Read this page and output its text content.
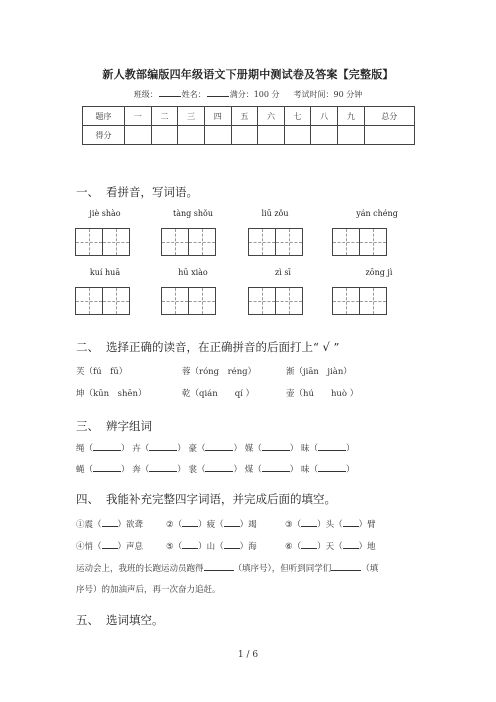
新人教部编版四年级语文下册期中测试卷及答案【完整版】
班级：	姓名：	满分：100 分 考试时间：90 分钟
题序	一	二	三	四	五	六	七	八	九	总分
得分										
一、 看拼音，写词语。
jiè shào	tàng shǒu	liū zǒu	yán chéng
kuí huā	hū xiào	zì sī	zōng jì
二、 选择正确的读音，在正确拼音的后面打上“ √ ”
芙（fú　fū）	蓉（róng　réng）	渐（jiān　jiàn）
坤（kūn　shēn）	乾（qián　　qí ）	壶（hú　　huò ）
三、 辨字组词
绳（	） 卉（	） 豪（	） 媒（	） 昧（	）
蝇（	） 奔（	） 裳（	） 煤（	） 味（	）
四、 我能补充完整四字词语，并完成后面的填空。
①震（ ）欲聋	②（ ）疲（ ）竭	③（ ）头（ ）臂
④悄（ ）声息	⑤（ ）山（ ）海	⑥（ ）天（ ）地
运动会上，我班的长跑运动员跑得	（填序号），但听到同学们	（填
序号）的加油声后，再一次奋力追赶。
五、 选词填空。
1 / 6
